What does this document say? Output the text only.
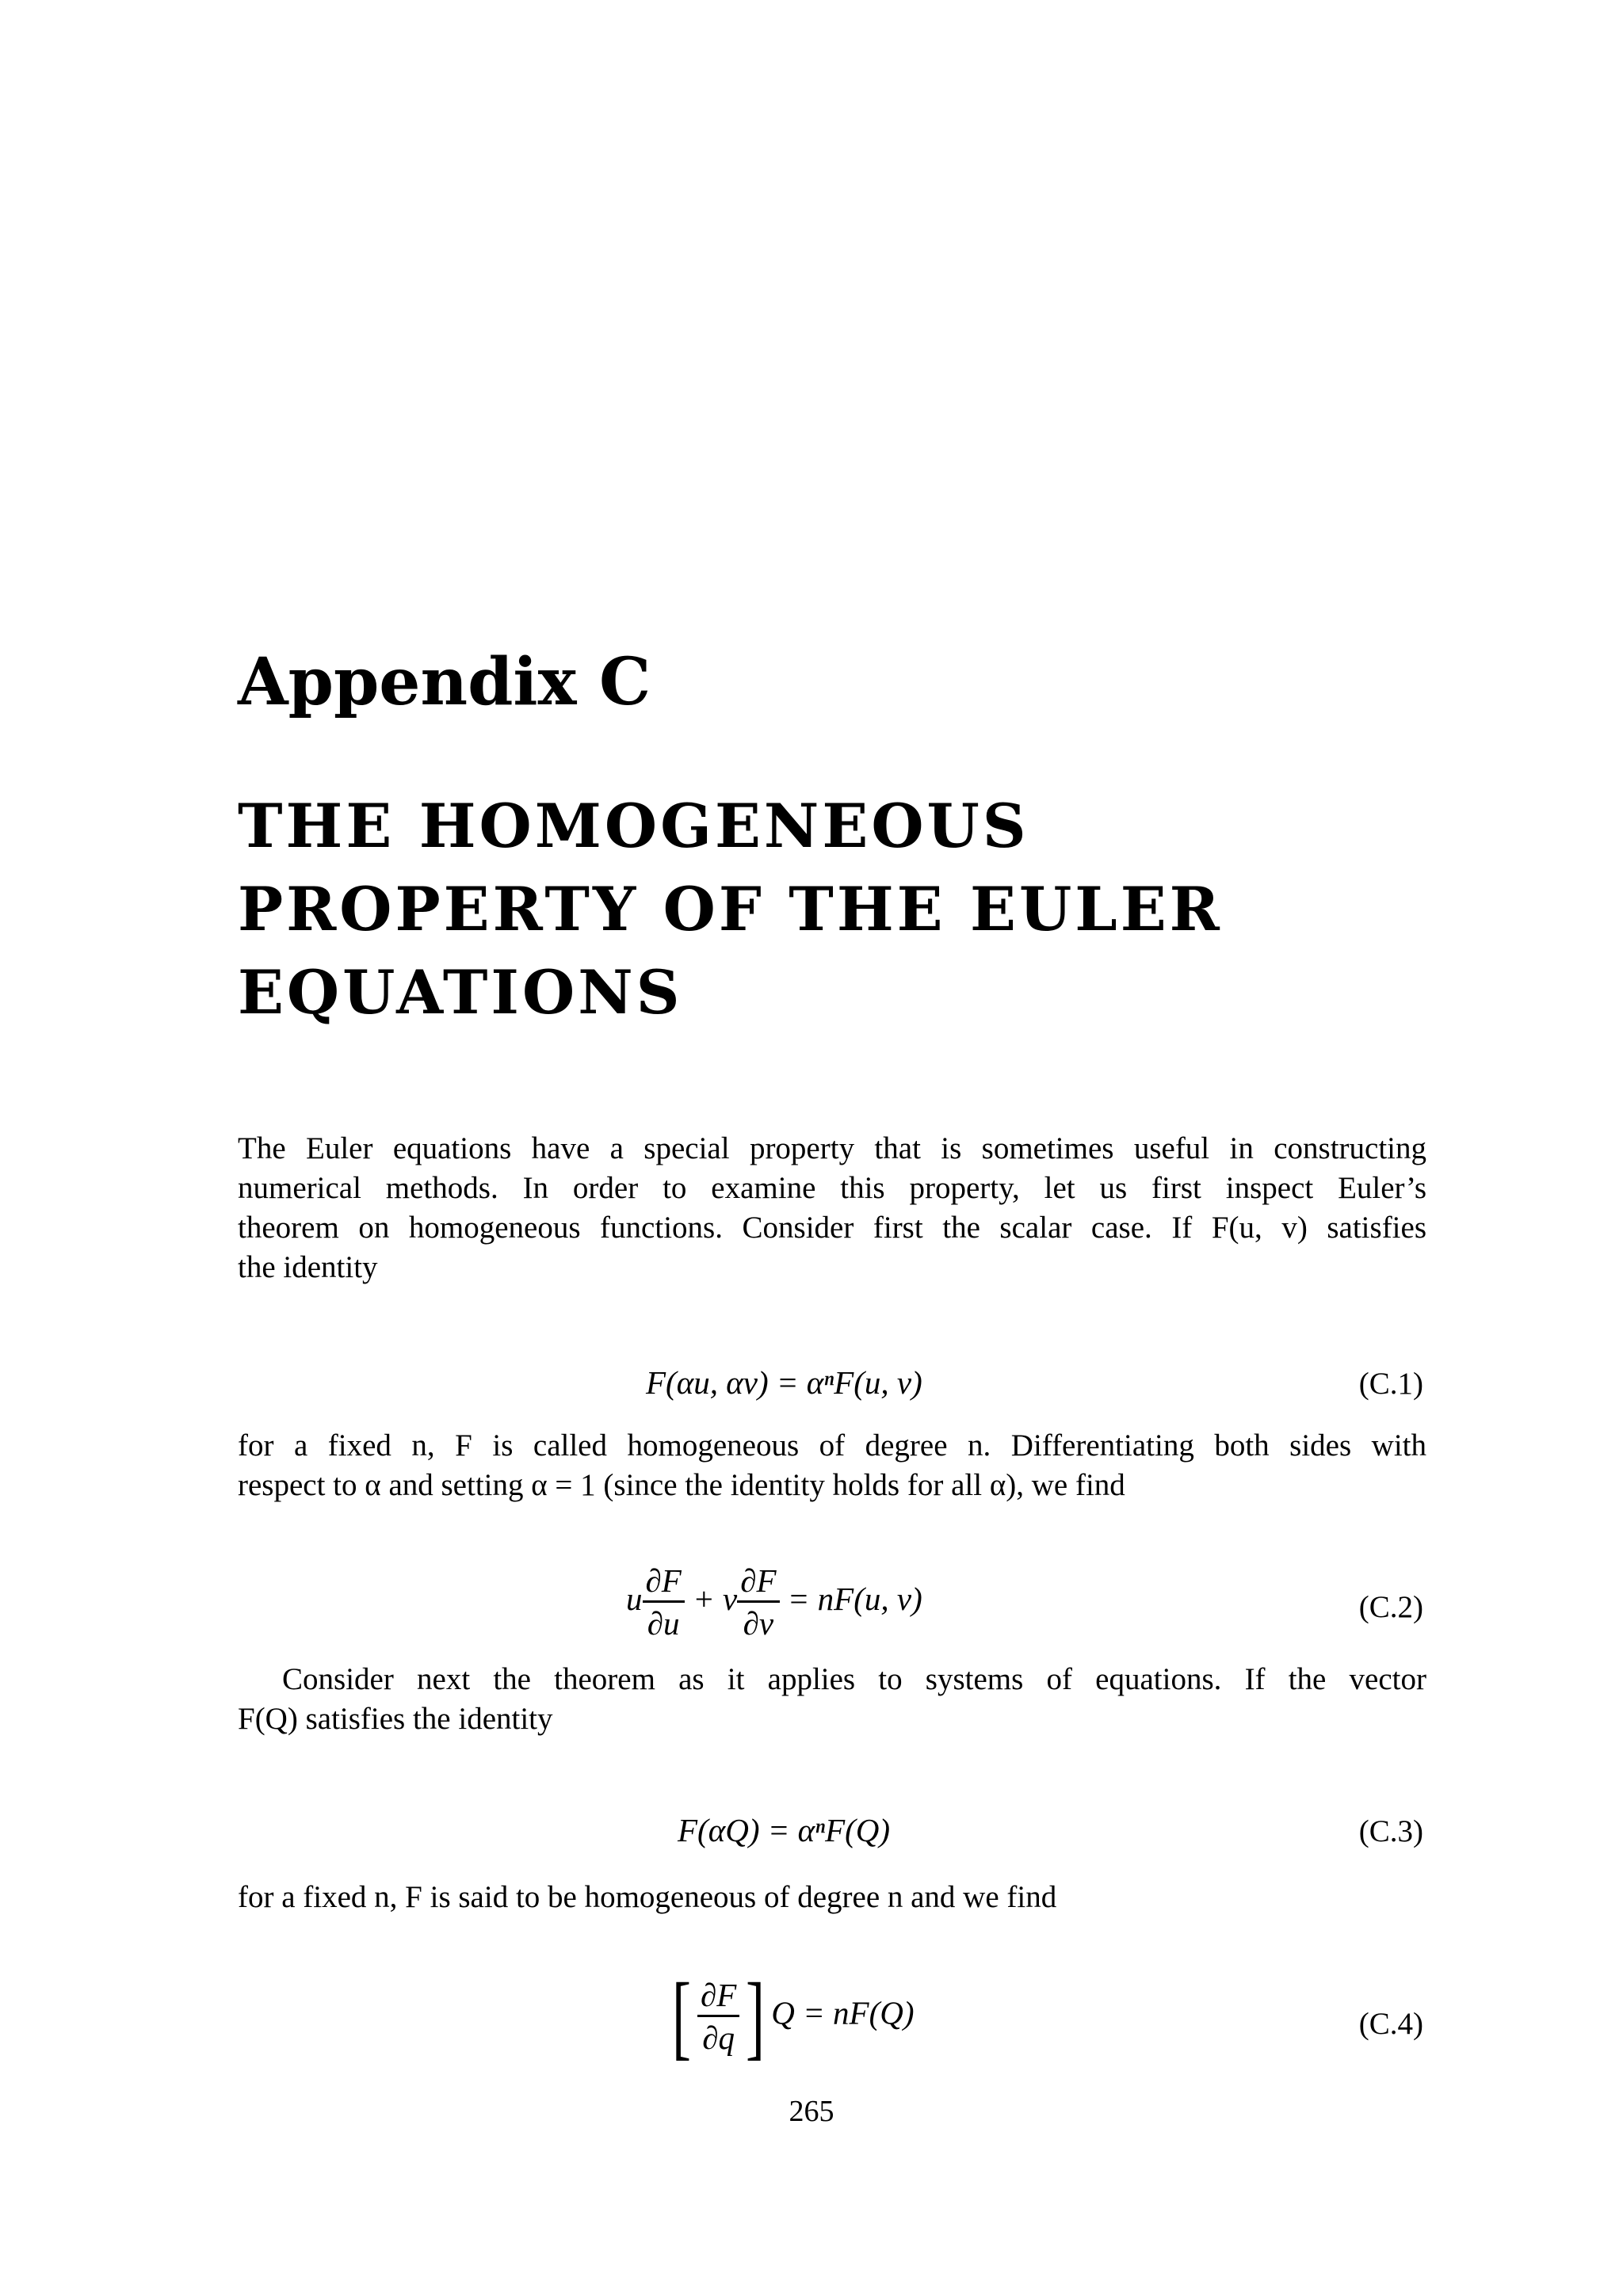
Appendix C
THE HOMOGENEOUS
PROPERTY OF THE EULER
EQUATIONS
The Euler equations have a special property that is sometimes useful in constructing
numerical methods. In order to examine this property, let us first inspect Euler’s
theorem on homogeneous functions. Consider first the scalar case. If F(u, v) satisfies
the identity
F(αu, αv) = αⁿF(u, v)	(C.1)
for a fixed n, F is called homogeneous of degree n. Differentiating both sides with
respect to α and setting α = 1 (since the identity holds for all α), we find
u $\frac{\partial F}{\partial u} + v \frac{\partial F}{\partial v} = nF(u$, v)	(C.2)
Consider next the theorem as it applies to systems of equations. If the vector
F(Q) satisfies the identity
F(αQ) = αⁿF(Q)	(C.3)
for a fixed n, F is said to be homogeneous of degree n and we find
[ $\frac{\partial F}{\partial q}$ ] Q = nF(Q)	(C.4)
265
